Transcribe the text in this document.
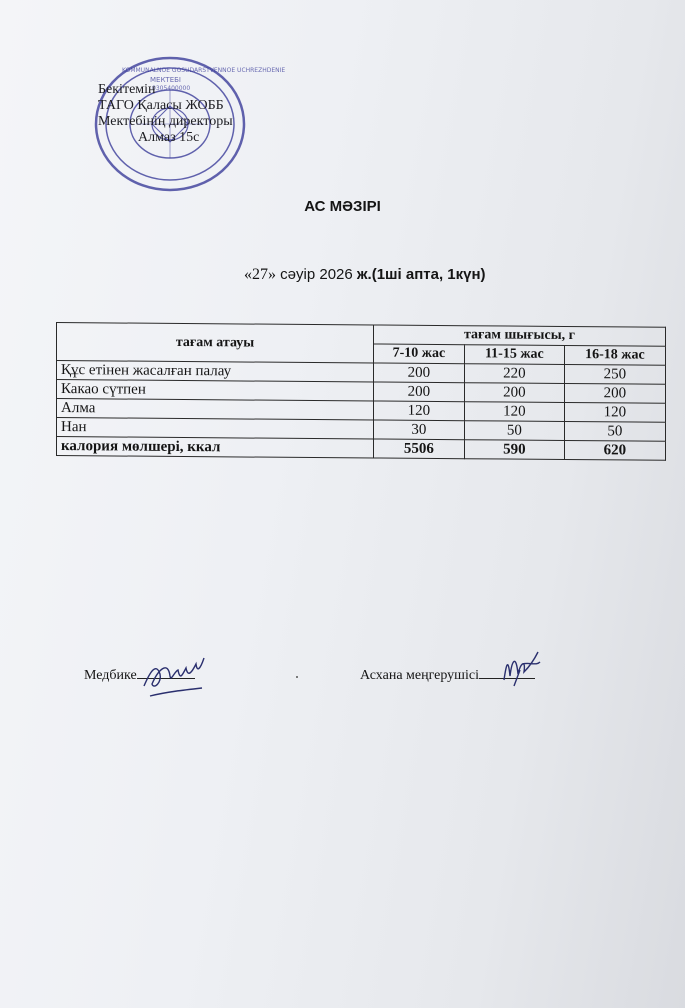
KOMMUNALNOE GOSUDARSTVENNOE UCHREZHDENIE
МЕКТЕБІ
0305400000
Бекітемін
ТАГО Қаласы ЖОББ
Мектебінің директоры
Алмаз 15с
АС МӘЗІРІ
«27» сәуір 2026 ж.(1ші апта, 1күн)
тағам атауы	тағам шығысы, г		
	7-10 жас	11-15 жас	16-18 жас
Құс етінен жасалған палау	200	220	250
Какао сүтпен	200	200	200
Алма	120	120	120
Нан	30	50	50
калория мөлшері, ккал	5506	590	620
Медбике	Асхана меңгерушісі
